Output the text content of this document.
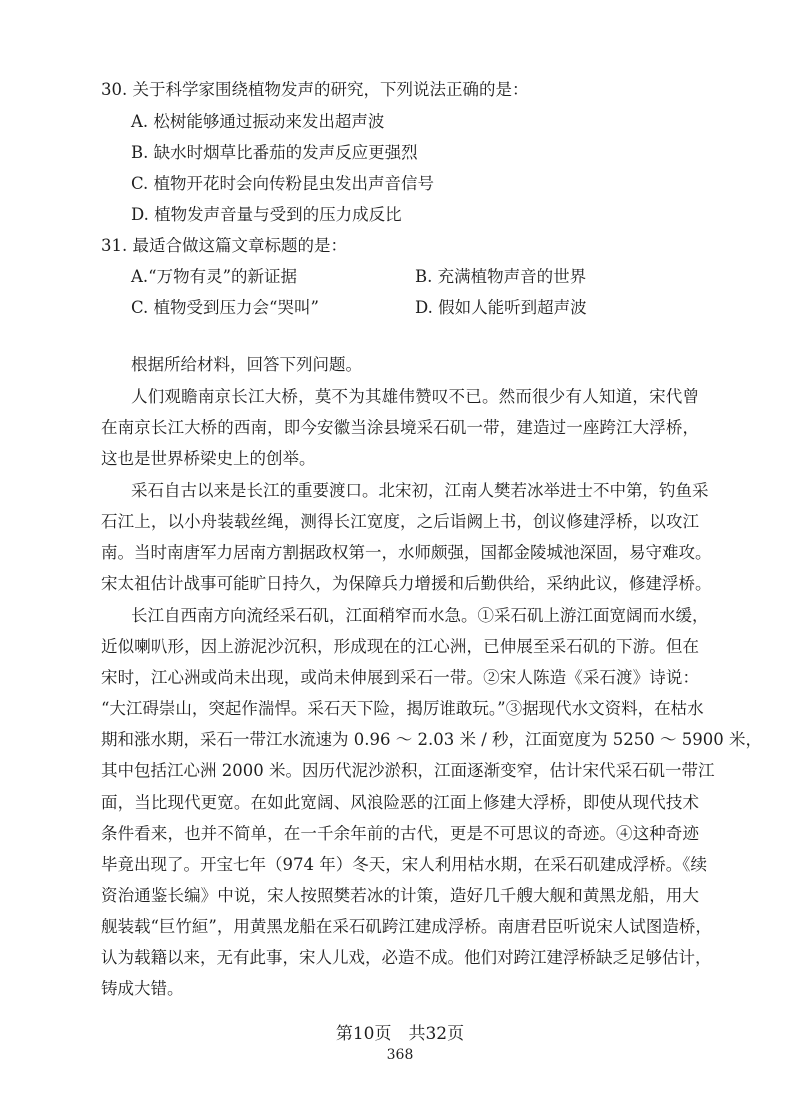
30. 关于科学家围绕植物发声的研究，下列说法正确的是：
A. 松树能够通过振动来发出超声波
B. 缺水时烟草比番茄的发声反应更强烈
C. 植物开花时会向传粉昆虫发出声音信号
D. 植物发声音量与受到的压力成反比
31. 最适合做这篇文章标题的是：
A.“万物有灵”的新证据	B. 充满植物声音的世界
C. 植物受到压力会“哭叫”	D. 假如人能听到超声波
根据所给材料，回答下列问题。
人们观瞻南京长江大桥，莫不为其雄伟赞叹不已。然而很少有人知道，宋代曾
在南京长江大桥的西南，即今安徽当涂县境采石矶一带，建造过一座跨江大浮桥，
这也是世界桥梁史上的创举。
采石自古以来是长江的重要渡口。北宋初，江南人樊若冰举进士不中第，钓鱼采
石江上，以小舟装载丝绳，测得长江宽度，之后诣阙上书，创议修建浮桥，以攻江
南。当时南唐军力居南方割据政权第一，水师颇强，国都金陵城池深固，易守难攻。
宋太祖估计战事可能旷日持久，为保障兵力增援和后勤供给，采纳此议，修建浮桥。
长江自西南方向流经采石矶，江面稍窄而水急。①采石矶上游江面宽阔而水缓，
近似喇叭形，因上游泥沙沉积，形成现在的江心洲，已伸展至采石矶的下游。但在
宋时，江心洲或尚未出现，或尚未伸展到采石一带。②宋人陈造《采石渡》诗说：
“大江碍崇山，突起作湍悍。采石天下险，揭厉谁敢玩。”③据现代水文资料，在枯水
期和涨水期，采石一带江水流速为 0.96 ～ 2.03 米 / 秒，江面宽度为 5250 ～ 5900 米，
其中包括江心洲 2000 米。因历代泥沙淤积，江面逐渐变窄，估计宋代采石矶一带江
面，当比现代更宽。在如此宽阔、风浪险恶的江面上修建大浮桥，即使从现代技术
条件看来，也并不简单，在一千余年前的古代，更是不可思议的奇迹。④这种奇迹
毕竟出现了。开宝七年（974 年）冬天，宋人利用枯水期，在采石矶建成浮桥。《续
资治通鉴长编》中说，宋人按照樊若冰的计策，造好几千艘大舰和黄黑龙船，用大
舰装载“巨竹絙”，用黄黑龙船在采石矶跨江建成浮桥。南唐君臣听说宋人试图造桥，
认为载籍以来，无有此事，宋人儿戏，必造不成。他们对跨江建浮桥缺乏足够估计，
铸成大错。
第10页　共32页
368
